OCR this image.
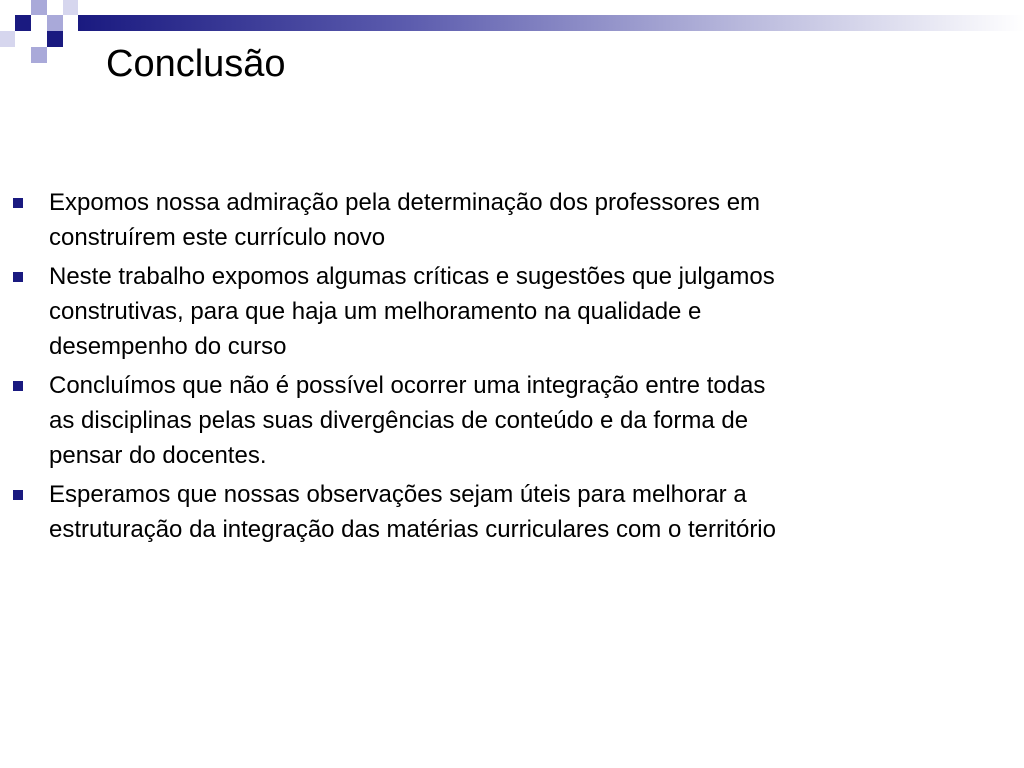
Conclusão
Expomos nossa admiração pela determinação dos professores em
construírem este currículo novo
Neste trabalho expomos algumas críticas e sugestões que julgamos
construtivas, para que haja um melhoramento na qualidade e
desempenho do curso
Concluímos que não é possível ocorrer uma integração entre todas
as disciplinas pelas suas divergências de conteúdo e da forma de
pensar do docentes.
Esperamos que nossas observações sejam úteis para melhorar a
estruturação da integração das matérias curriculares com o território
